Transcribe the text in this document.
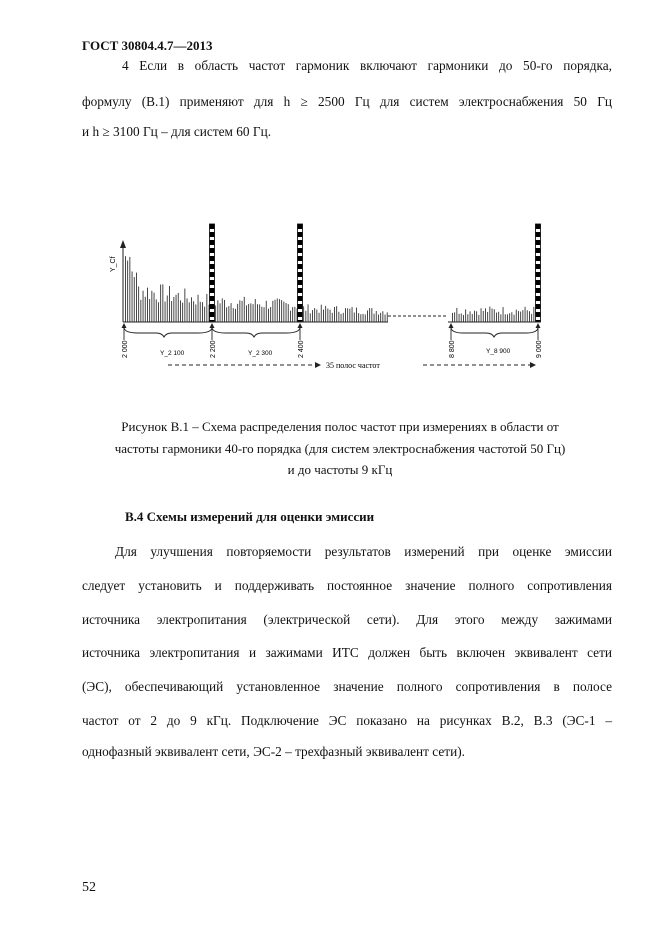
ГОСТ 30804.4.7—2013
4 Если в область частот гармоник включают гармоники до 50-го порядка,
формулу (В.1) применяют для h ≥ 2500 Гц для систем электроснабжения 50 Гц
и h ≥ 3100 Гц – для систем 60 Гц.
Y_Cf
2 000	2 200	2 400	8 800	9 000
Y_2 100	Y_2 300	Y_8 900
35 полос частот
Рисунок В.1 – Схема распределения полос частот при измерениях в области от
частоты гармоники 40-го порядка (для систем электроснабжения частотой 50 Гц)
и до частоты 9 кГц
В.4 Схемы измерений для оценки эмиссии
Для улучшения повторяемости результатов измерений при оценке эмиссии
следует установить и поддерживать постоянное значение полного сопротивления
источника электропитания (электрической сети). Для этого между зажимами
источника электропитания и зажимами ИТС должен быть включен эквивалент сети
(ЭС), обеспечивающий установленное значение полного сопротивления в полосе
частот от 2 до 9 кГц. Подключение ЭС показано на рисунках В.2, В.3 (ЭС-1 –
однофазный эквивалент сети, ЭС-2 – трехфазный эквивалент сети).
52
